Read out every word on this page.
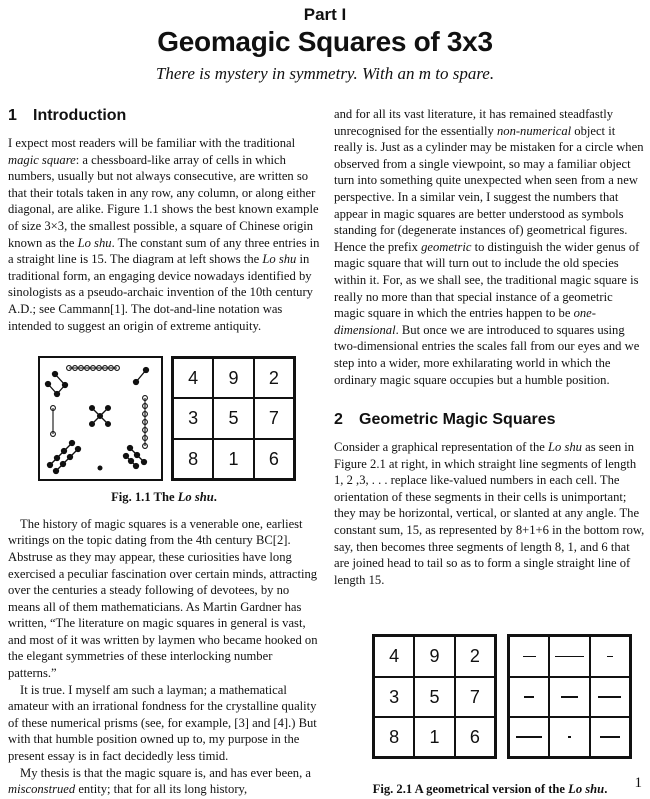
Part I
Geomagic Squares of 3x3
There is mystery in symmetry. With an m to spare.
1 Introduction

I expect most readers will be familiar with the traditional magic square: a chessboard-like array of cells in which numbers, usually but not always consecutive, are written so that their totals taken in any row, any column, or along either diagonal, are alike. Figure 1.1 shows the best known example of size 3×3, the smallest possible, a square of Chinese origin known as the Lo shu. The constant sum of any three entries in a straight line is 15. The diagram at left shows the Lo shu in traditional form, an engaging device nowadays identified by sinologists as a pseudo-archaic invention of the 10th century A.D.; see Cammann[1]. The dot-and-line notation was intended to suggest an origin of extreme antiquity.

4	9	2
3	5	7
8	1	6
Fig. 1.1 The Lo shu.

The history of magic squares is a venerable one, earliest writings on the topic dating from the 4th century BC[2]. Abstruse as they may appear, these curiosities have long exercised a peculiar fascination over certain minds, attracting over the centuries a steady following of devotees, by no means all of them mathematicians. As Martin Gardner has written, “The literature on magic squares in general is vast, and most of it was written by laymen who became hooked on the elegant symmetries of these interlocking number patterns.”

It is true. I myself am such a layman; a mathematical amateur with an irrational fondness for the crystalline quality of these numerical prisms (see, for example, [3] and [4].) But with that humble position owned up to, my purpose in the present essay is in fact decidedly less timid.

My thesis is that the magic square is, and has ever been, a misconstrued entity; that for all its long history,

and for all its vast literature, it has remained steadfastly unrecognised for the essentially non-numerical object it really is. Just as a cylinder may be mistaken for a circle when observed from a single viewpoint, so may a familiar object turn into something quite unexpected when seen from a new perspective. In a similar vein, I suggest the numbers that appear in magic squares are better understood as symbols standing for (degenerate instances of) geometrical figures. Hence the prefix geometric to distinguish the wider genus of magic square that will turn out to include the old species within it. For, as we shall see, the traditional magic square is really no more than that special instance of a geometric magic square in which the entries happen to be one-dimensional. But once we are introduced to squares using two-dimensional entries the scales fall from our eyes and we step into a wider, more exhilarating world in which the ordinary magic square occupies but a humble position.

2 Geometric Magic Squares

Consider a graphical representation of the Lo shu as seen in Figure 2.1 at right, in which straight line segments of length 1, 2 ,3, . . . replace like-valued numbers in each cell. The orientation of these segments in their cells is unimportant; they may be horizontal, vertical, or slanted at any angle. The constant sum, 15, as represented by 8+1+6 in the bottom row, say, then becomes three segments of length 8, 1, and 6 that are joined head to tail so as to form a single straight line of length 15.

4	9	2
3	5	7
8	1	6
Fig. 2.1 A geometrical version of the Lo shu.	1
